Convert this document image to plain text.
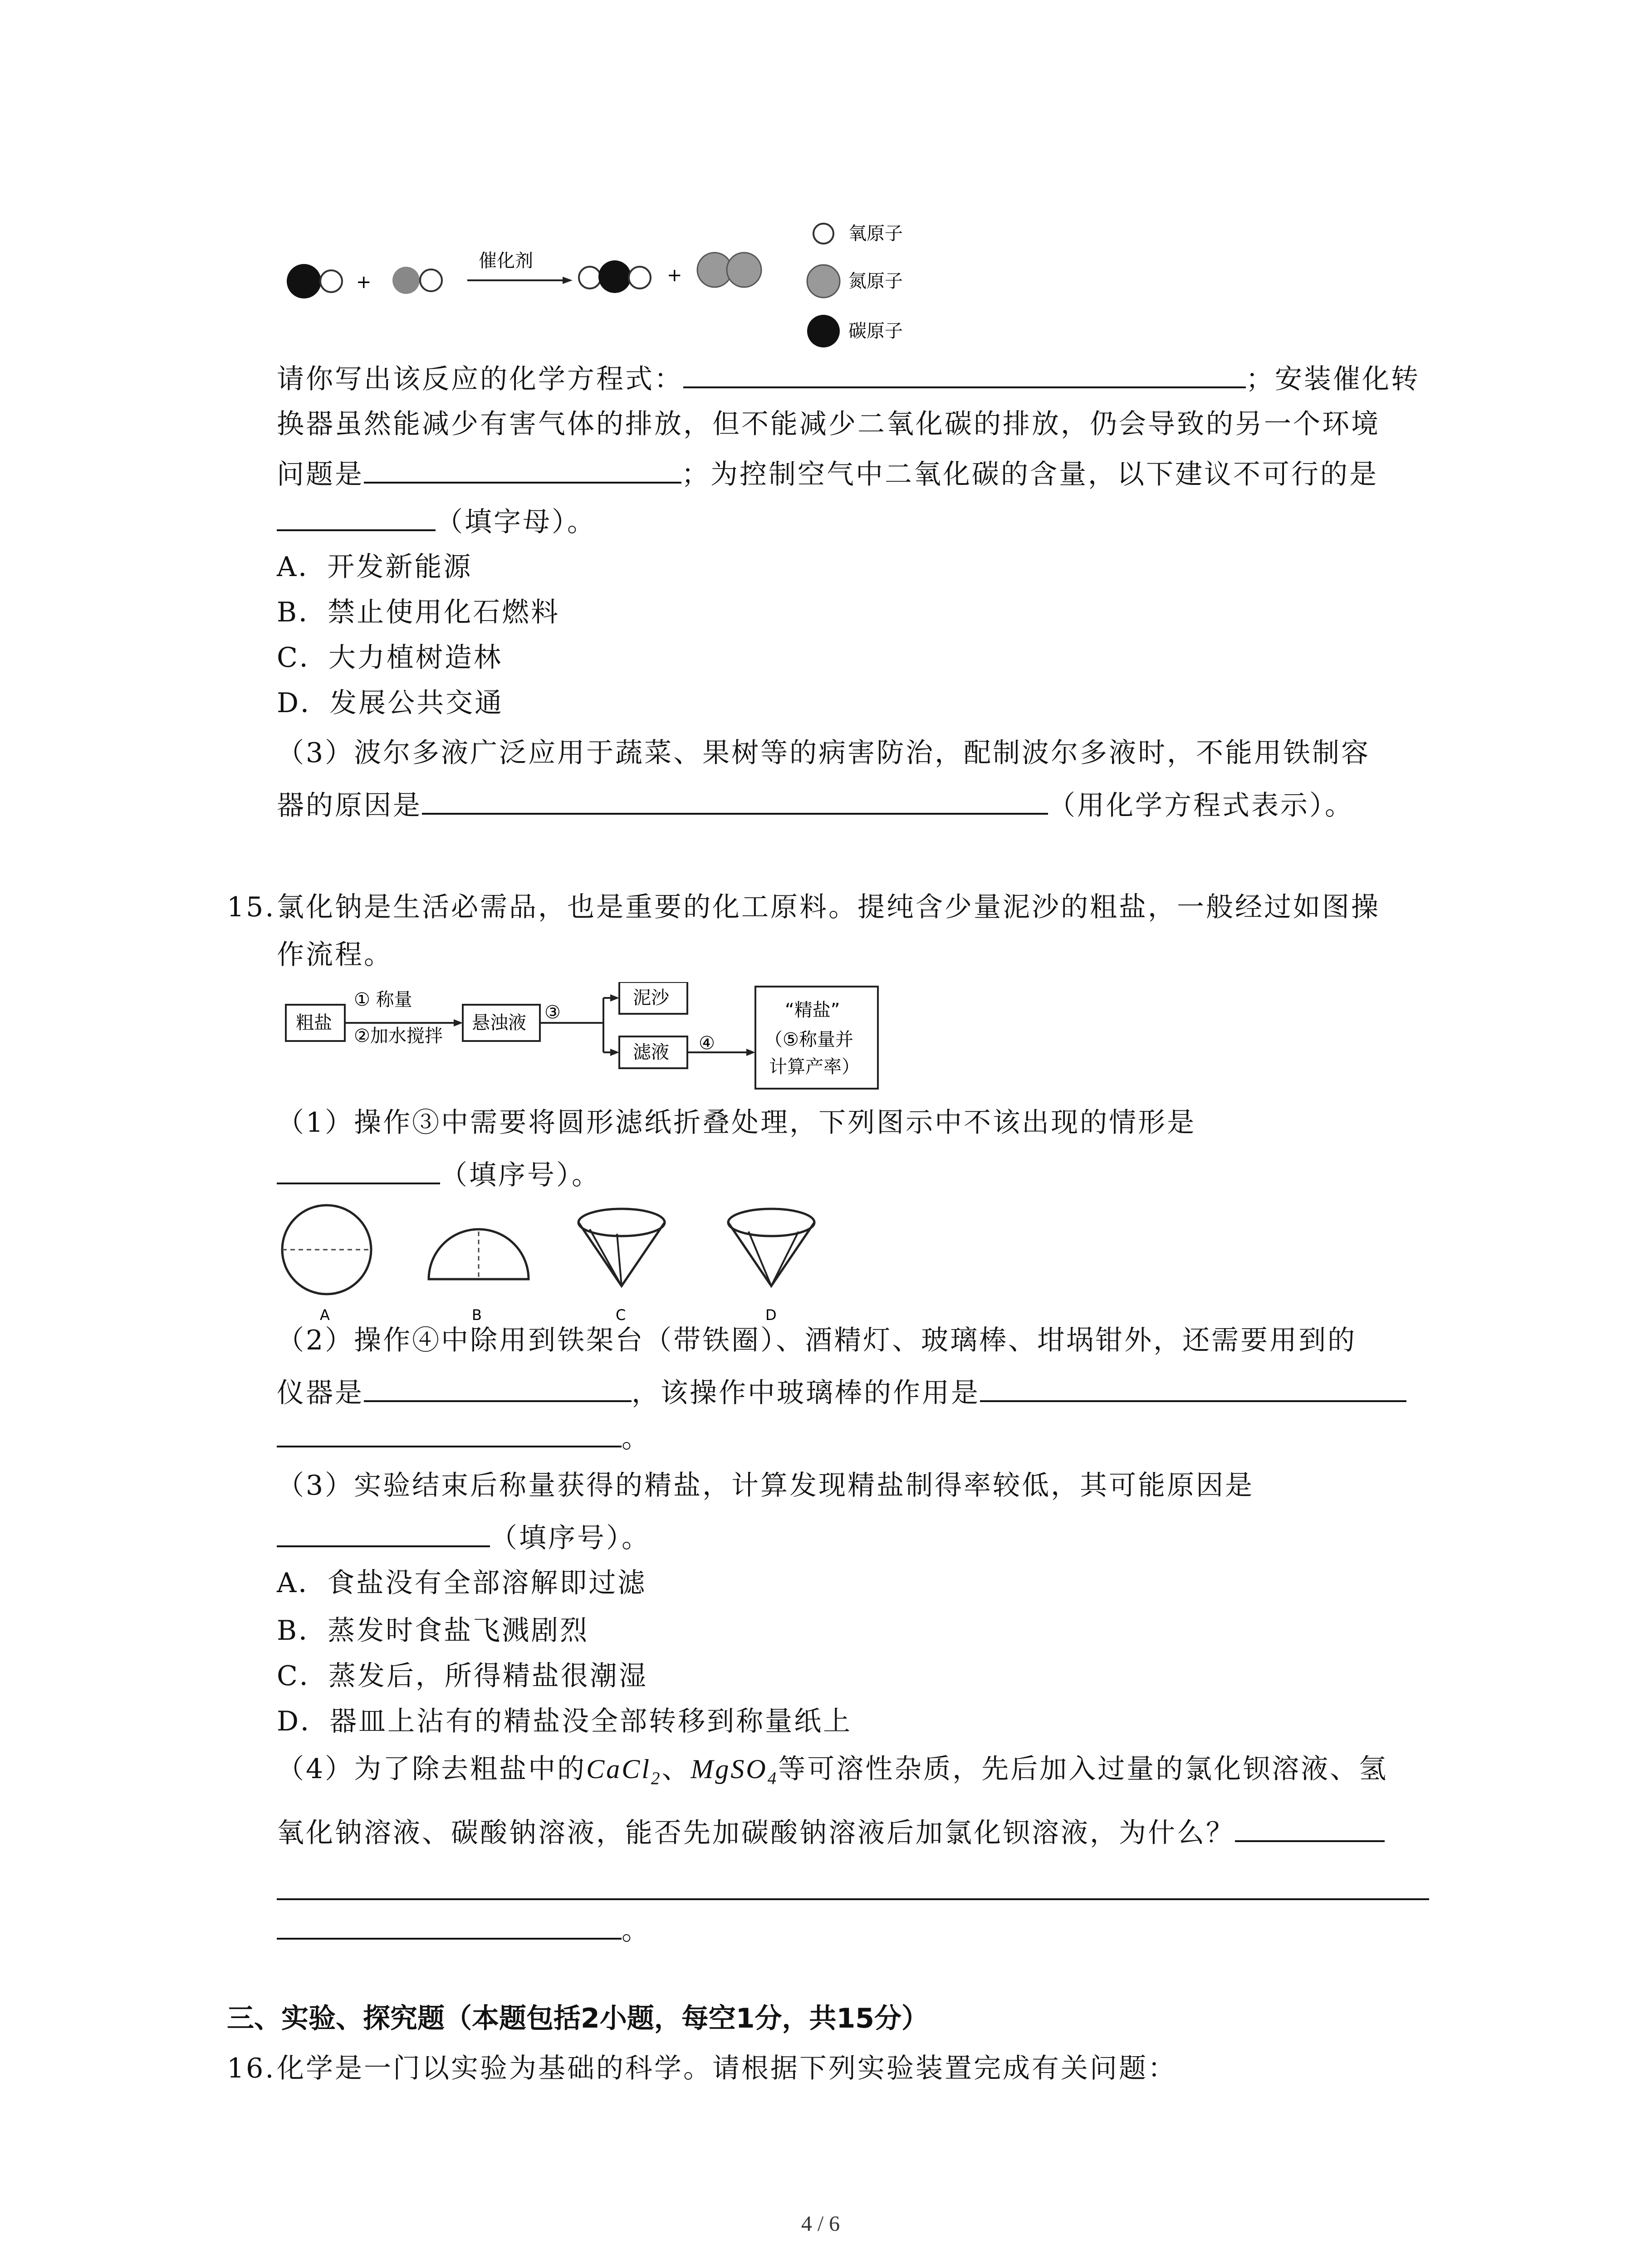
+
催化剂
+
氧原子
氮原子
碳原子
请你写出该反应的化学方程式：	；安装催化转
换器虽然能减少有害气体的排放，但不能减少二氧化碳的排放，仍会导致的另一个环境
问题是	；为控制空气中二氧化碳的含量，以下建议不可行的是
（填字母）。
A．开发新能源
B．禁止使用化石燃料
C．大力植树造林
D．发展公共交通
（3）波尔多液广泛应用于蔬菜、果树等的病害防治，配制波尔多液时，不能用铁制容
器的原因是	（用化学方程式表示）。
15. 氯化钠是生活必需品，也是重要的化工原料。提纯含少量泥沙的粗盐，一般经过如图操
作流程。
粗盐
① 称量
②加水搅拌
悬浊液 ③
泥沙
滤液 ④
“精盐”
（⑤称量并
计算产率）
（1）操作③中需要将圆形滤纸折叠处理，下列图示中不该出现的情形是
（填序号）。
A	B	C	D
（2）操作④中除用到铁架台（带铁圈）、酒精灯、玻璃棒、坩埚钳外，还需要用到的
仪器是	，该操作中玻璃棒的作用是
。
（3）实验结束后称量获得的精盐，计算发现精盐制得率较低，其可能原因是
（填序号）。
A．食盐没有全部溶解即过滤
B．蒸发时食盐飞溅剧烈
C．蒸发后，所得精盐很潮湿
D．器皿上沾有的精盐没全部转移到称量纸上
（4）为了除去粗盐中的CaCl$_2$、MgSO$_4$等可溶性杂质，先后加入过量的氯化钡溶液、氢
氧化钠溶液、碳酸钠溶液，能否先加碳酸钠溶液后加氯化钡溶液，为什么？
。
三、实验、探究题（本题包括2小题，每空1分，共15分）
16. 化学是一门以实验为基础的科学。请根据下列实验装置完成有关问题：
4 / 6
